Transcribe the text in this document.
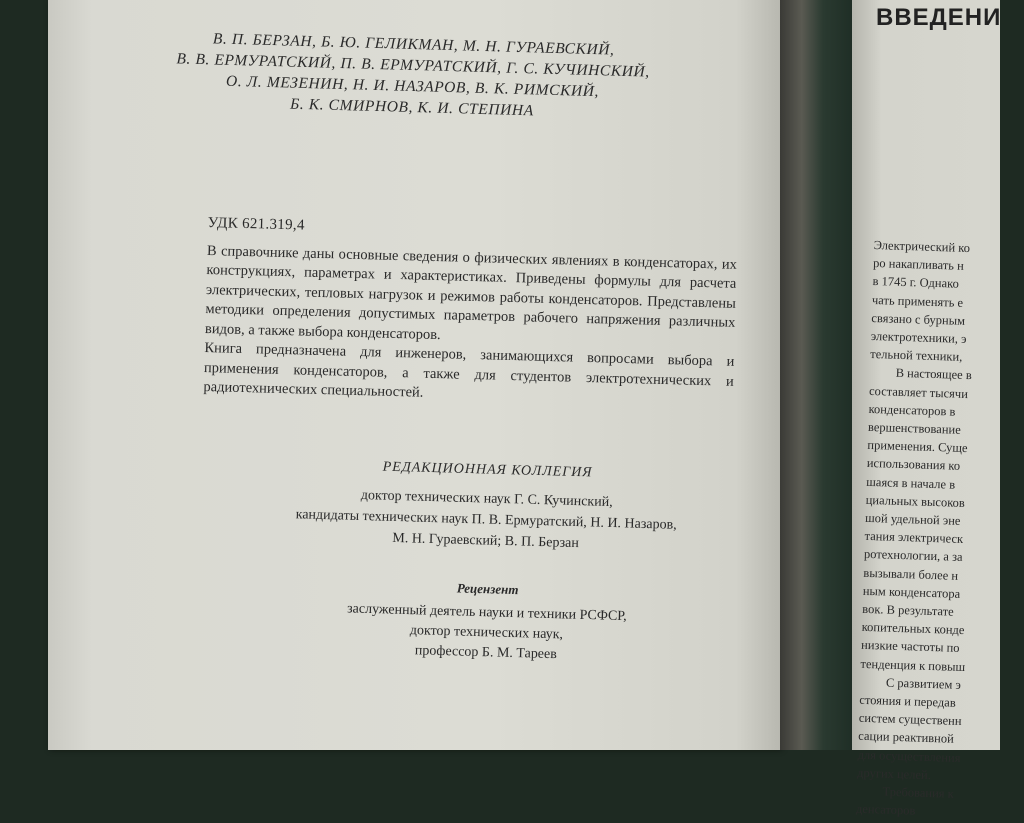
В. П. БЕРЗАН, Б. Ю. ГЕЛИКМАН, М. Н. ГУРАЕВСКИЙ,
В. В. ЕРМУРАТСКИЙ, П. В. ЕРМУРАТСКИЙ, Г. С. КУЧИНСКИЙ,
О. Л. МЕЗЕНИН, Н. И. НАЗАРОВ, В. К. РИМСКИЙ,
Б. К. СМИРНОВ, К. И. СТЕПИНА
УДК 621.319,4
В справочнике даны основные сведения о физических явлениях в конденсаторах, их конструкциях, параметрах и характеристиках. Приведены формулы для расчета электрических, тепловых нагрузок и режимов работы конденсаторов. Представлены методики определения допустимых параметров рабочего напряжения различных видов, а также выбора конденсаторов.
Книга предназначена для инженеров, занимающихся вопросами выбора и применения конденсаторов, а также для студентов электротехнических и радиотехнических специальностей.
РЕДАКЦИОННАЯ КОЛЛЕГИЯ
доктор технических наук Г. С. Кучинский,
кандидаты технических наук П. В. Ермуратский, Н. И. Назаров,
М. Н. Гураевский; В. П. Берзан
Рецензент
заслуженный деятель науки и техники РСФСР,
доктор технических наук,
профессор Б. М. Тареев
ВВЕДЕНИ
Электрический ко
ро накапливать н
в 1745 г. Однако
чать применять е
связано с бурным
электротехники, э
тельной техники,
В настоящее в
составляет тысячи
конденсаторов в
вершенствование
применения. Суще
использования ко
шаяся в начале в
циальных высоков
шой удельной эне
тания электрическ
ротехнологии, а за
вызывали более н
ным конденсатора
вок. В результате
копительных конде
низкие частоты по
тенденция к повыш
С развитием э
стояния и передав
систем существенн
сации реактивной
для осуществления
других целей.
Требования к
денсаторов
